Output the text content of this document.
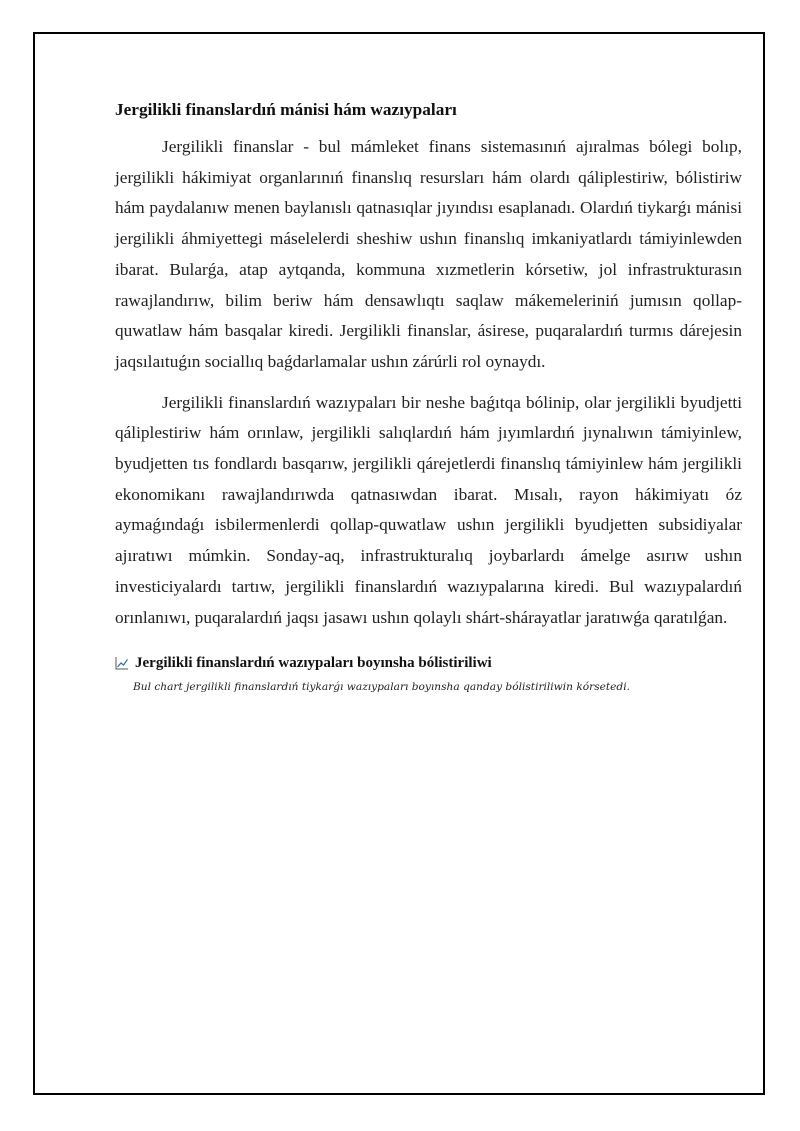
Jergilikli finanslardıń mánisi hám wazıypaları

Jergilikli finanslar - bul mámleket finans sistemasınıń ajıralmas bólegi bolıp, jergilikli hákimiyat organlarınıń finanslıq resursları hám olardı qáliplestiriw, bólistiriw hám paydalanıw menen baylanıslı qatnasıqlar jıyındısı esaplanadı. Olardıń tiykarǵı mánisi jergilikli áhmiyettegi máselelerdi sheshiw ushın finanslıq imkaniyatlardı támiyinlewden ibarat. Bularǵa, atap aytqanda, kommuna xızmetlerin kórsetiw, jol infrastrukturasın rawajlandırıw, bilim beriw hám densawlıqtı saqlaw mákemeleriniń jumısın qollap-quwatlaw hám basqalar kiredi. Jergilikli finanslar, ásirese, puqaralardıń turmıs dárejesin jaqsılaıtuǵın sociallıq baǵdarlamalar ushın zárúrli rol oynaydı.

Jergilikli finanslardıń wazıypaları bir neshe baǵıtqa bólinip, olar jergilikli byudjetti qáliplestiriw hám orınlaw, jergilikli salıqlardıń hám jıyımlardıń jıynalıwın támiyinlew, byudjetten tıs fondlardı basqarıw, jergilikli qárejetlerdi finanslıq támiyinlew hám jergilikli ekonomikanı rawajlandırıwda qatnasıwdan ibarat. Mısalı, rayon hákimiyatı óz aymaǵındaǵı isbilermenlerdi qollap-quwatlaw ushın jergilikli byudjetten subsidiyalar ajıratıwı múmkin. Sonday-aq, infrastrukturalıq joybarlardı ámelge asırıw ushın investiciyalardı tartıw, jergilikli finanslardıń wazıypalarına kiredi. Bul wazıypalardıń orınlanıwı, puqaralardıń jaqsı jasawı ushın qolaylı shárt-shárayatlar jaratıwǵa qaratılǵan.

Jergilikli finanslardıń wazıypaları boyınsha bólistiriliwi
Bul chart jergilikli finanslardıń tiykarǵı wazıypaları boyınsha qanday bólistiriliwin kórsetedi.
